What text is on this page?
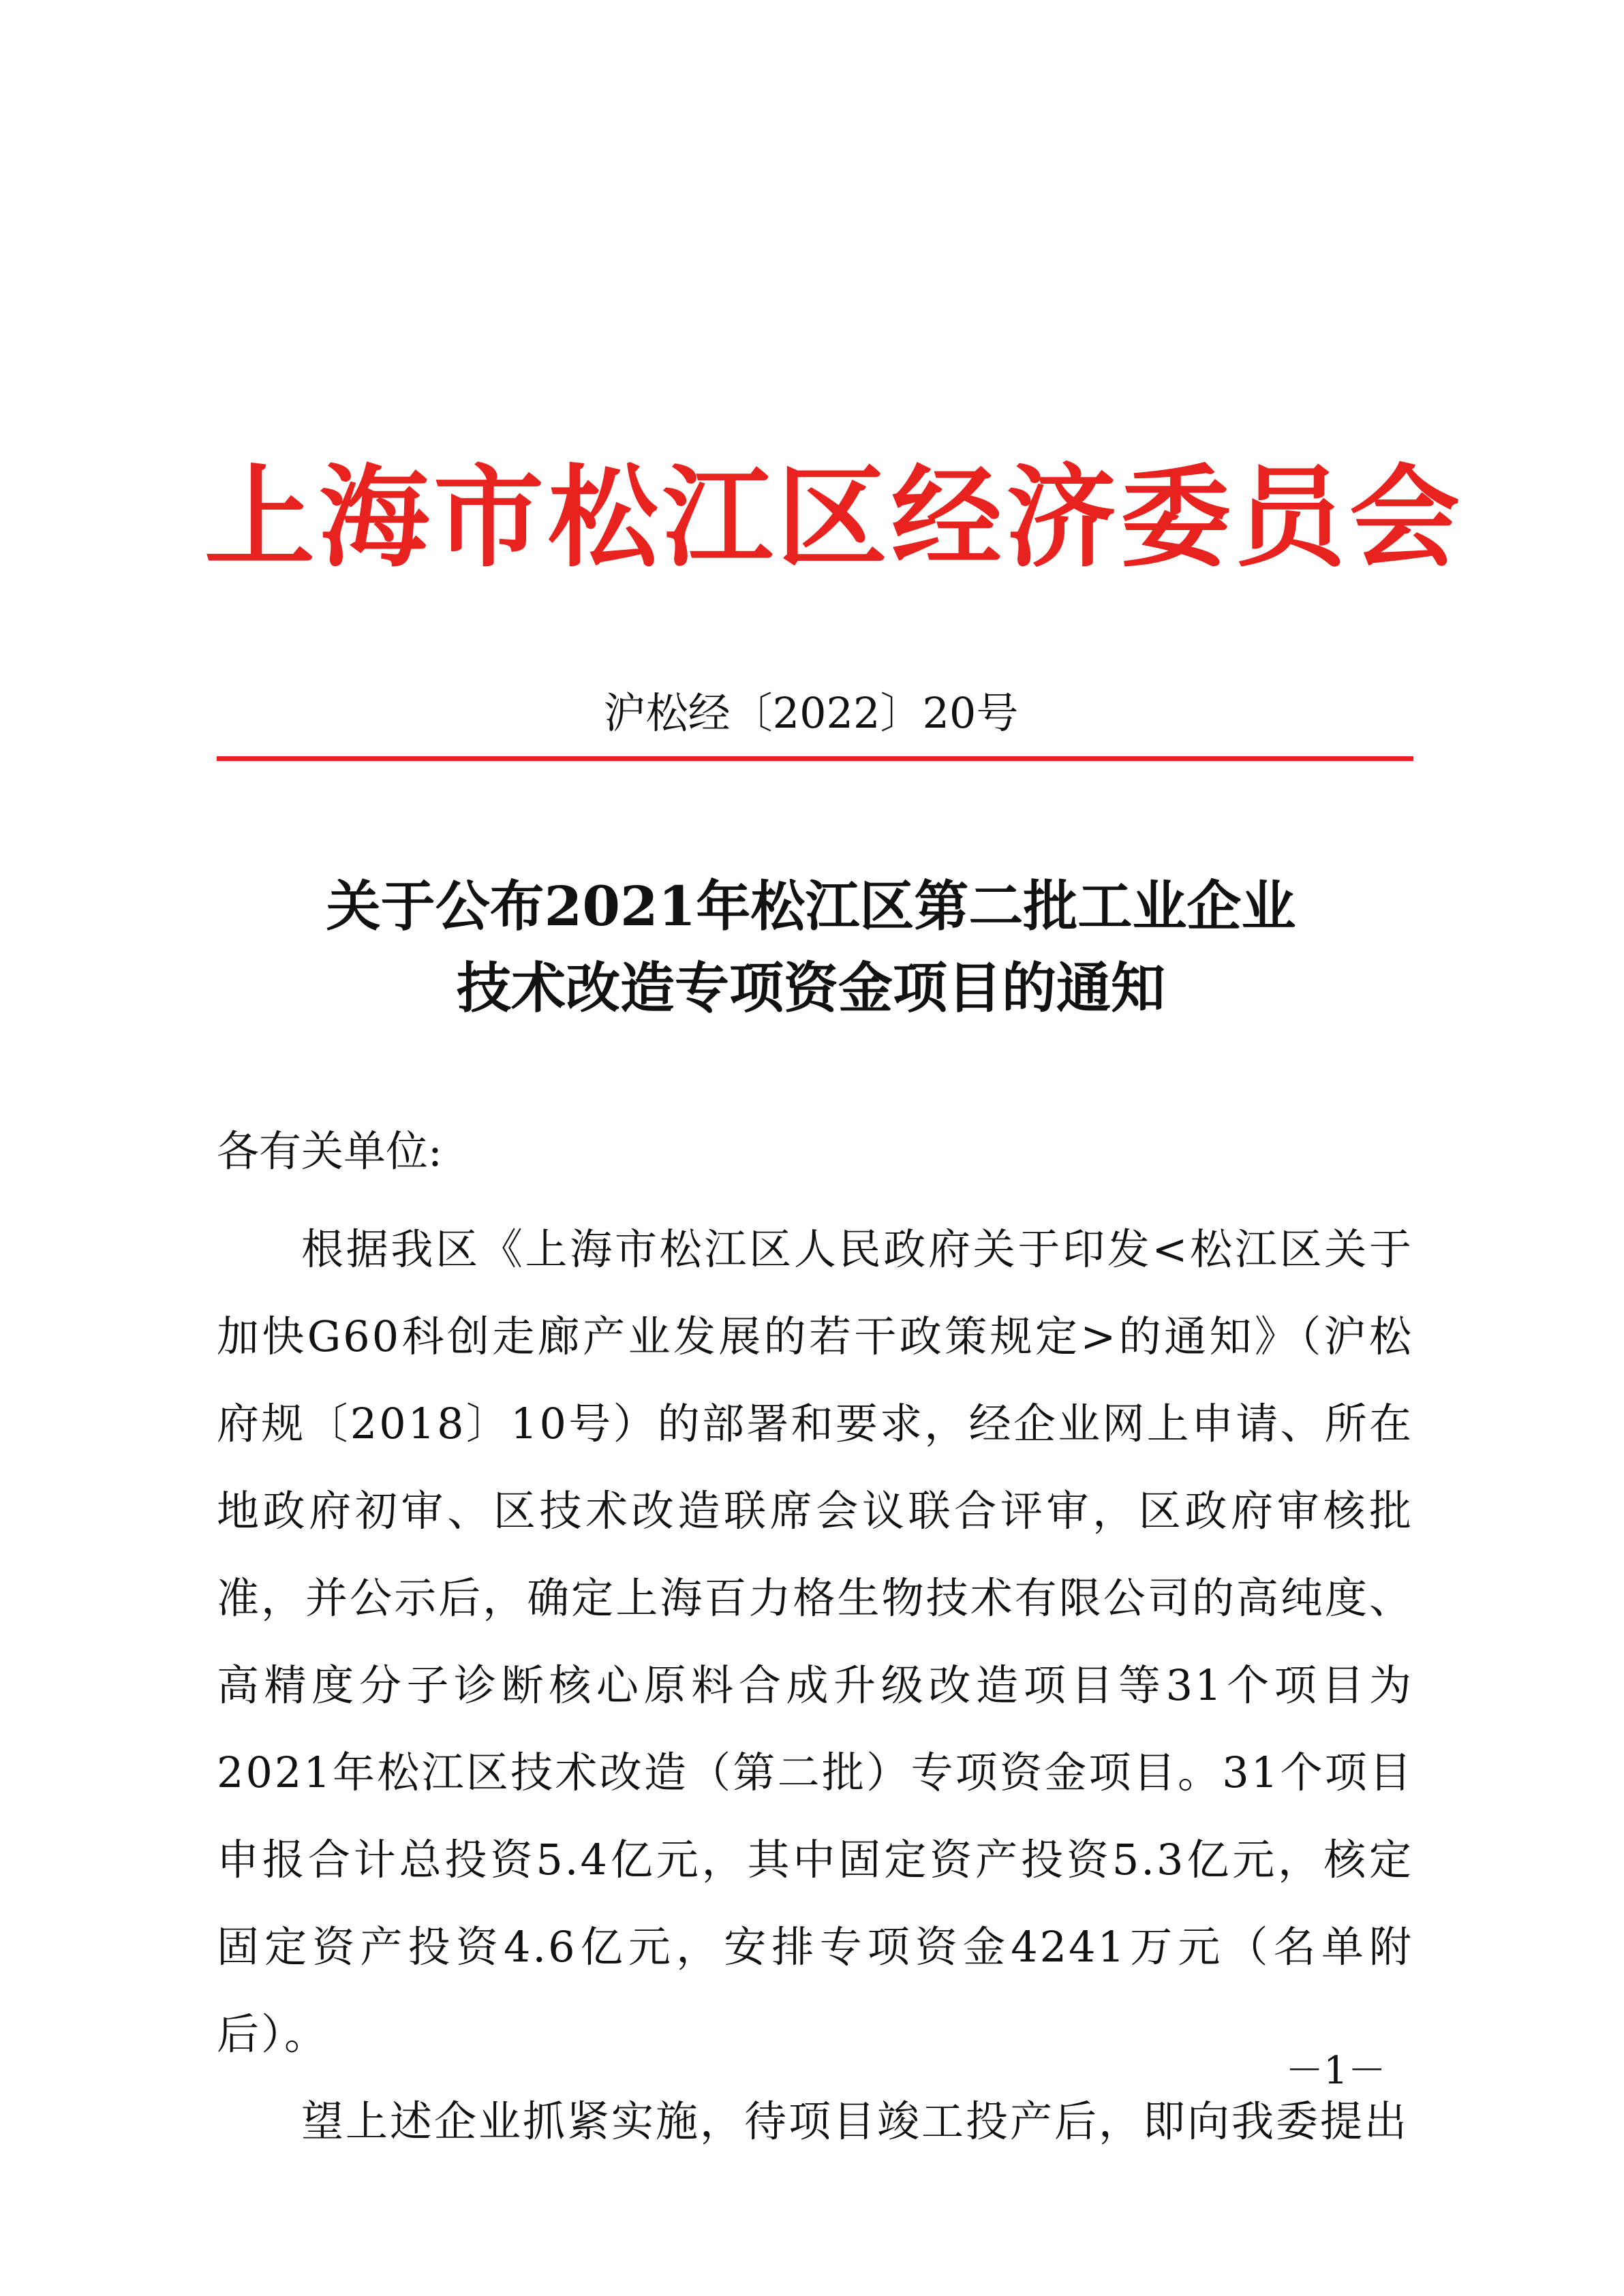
上海市松江区经济委员会
沪松经〔2022〕20号
关于公布2021年松江区第二批工业企业
技术改造专项资金项目的通知
各有关单位:

根据我区《上海市松江区人民政府关于印发<松江区关于加快G60科创走廊产业发展的若干政策规定>的通知》（沪松府规〔2018〕10号）的部署和要求，经企业网上申请、所在地政府初审、区技术改造联席会议联合评审，区政府审核批准，并公示后，确定上海百力格生物技术有限公司的高纯度、高精度分子诊断核心原料合成升级改造项目等31个项目为2021年松江区技术改造（第二批）专项资金项目。31个项目申报合计总投资5.4亿元，其中固定资产投资5.3亿元，核定固定资产投资4.6亿元，安排专项资金4241万元（名单附后）。

望上述企业抓紧实施，待项目竣工投产后，即向我委提出

－1－
